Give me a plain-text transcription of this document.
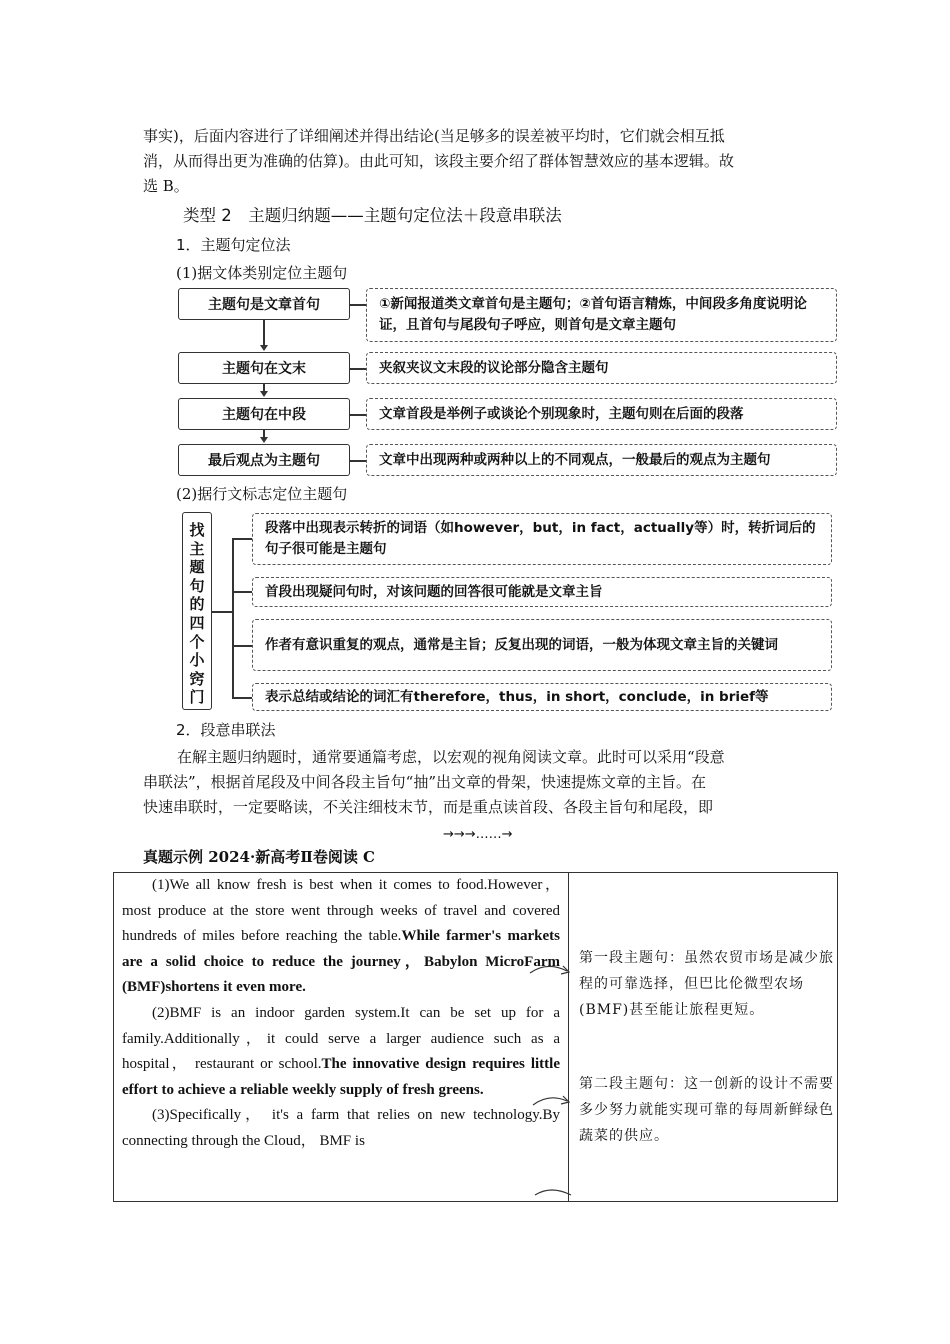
事实)，后面内容进行了详细阐述并得出结论(当足够多的误差被平均时，它们就会相互抵
消，从而得出更为准确的估算)。由此可知，该段主要介绍了群体智慧效应的基本逻辑。故
选 B。
类型 2　主题归纳题——主题句定位法＋段意串联法
1．主题句定位法
(1)据文体类别定位主题句
主题句是文章首句
主题句在文末
主题句在中段
最后观点为主题句
①新闻报道类文章首句是主题句；②首句语言精炼，中间段多角度说明论证，且首句与尾段句子呼应，则首句是文章主题句
夹叙夹议文末段的议论部分隐含主题句
文章首段是举例子或谈论个别现象时，主题句则在后面的段落
文章中出现两种或两种以上的不同观点，一般最后的观点为主题句
(2)据行文标志定位主题句
找主题句的四个小窍门
段落中出现表示转折的词语（如however，but，in fact，actually等）时，转折词后的句子很可能是主题句
首段出现疑问句时，对该问题的回答很可能就是文章主旨
作者有意识重复的观点，通常是主旨；反复出现的词语，一般为体现文章主旨的关键词
表示总结或结论的词汇有therefore，thus，in short，conclude，in brief等
2．段意串联法
在解主题归纳题时，通常要通篇考虑，以宏观的视角阅读文章。此时可以采用“段意
串联法”，根据首尾段及中间各段主旨句“抽”出文章的骨架，快速提炼文章的主旨。在
快速串联时，一定要略读，不关注细枝末节，而是重点读首段、各段主旨句和尾段，即
→→→……→
真题示例 2024·新高考Ⅱ卷阅读 C

(1)We all know fresh is best when it comes to food.However，most produce at the store went through weeks of travel and covered hundreds of miles before reaching the table.While farmer's markets are a solid choice to reduce the journey，Babylon MicroFarm (BMF)shortens it even more.

(2)BMF is an indoor garden system.It can be set up for a family.Additionally，it could serve a larger audience such as a hospital， restaurant or school.The innovative design requires little effort to achieve a reliable weekly supply of fresh greens.

(3)Specifically， it's a farm that relies on new technology.By connecting through the Cloud， BMF is

第一段主题句：虽然农贸市场是减少旅程的可靠选择，但巴比伦微型农场(BMF)甚至能让旅程更短。
第二段主题句：这一创新的设计不需要多少努力就能实现可靠的每周新鲜绿色蔬菜的供应。
